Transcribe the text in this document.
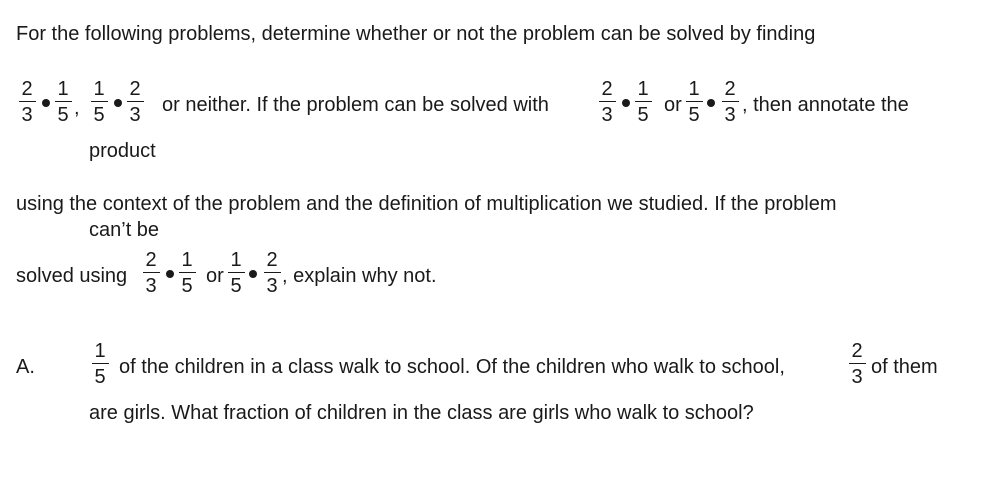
For the following problems, determine whether or not the problem can be solved by finding
2
3
1
5 ,
1
5
2
3 or neither. If the problem can be solved with
2
3
1
5 or
1
5
2
3 , then annotate the
product
using the context of the problem and the definition of multiplication we studied. If the problem
can’t be
solved using
2
3
1
5 or
1
5
2
3 , explain why not.
A.
1
5 of the children in a class walk to school. Of the children who walk to school,
2
3 of them
are girls. What fraction of children in the class are girls who walk to school?
